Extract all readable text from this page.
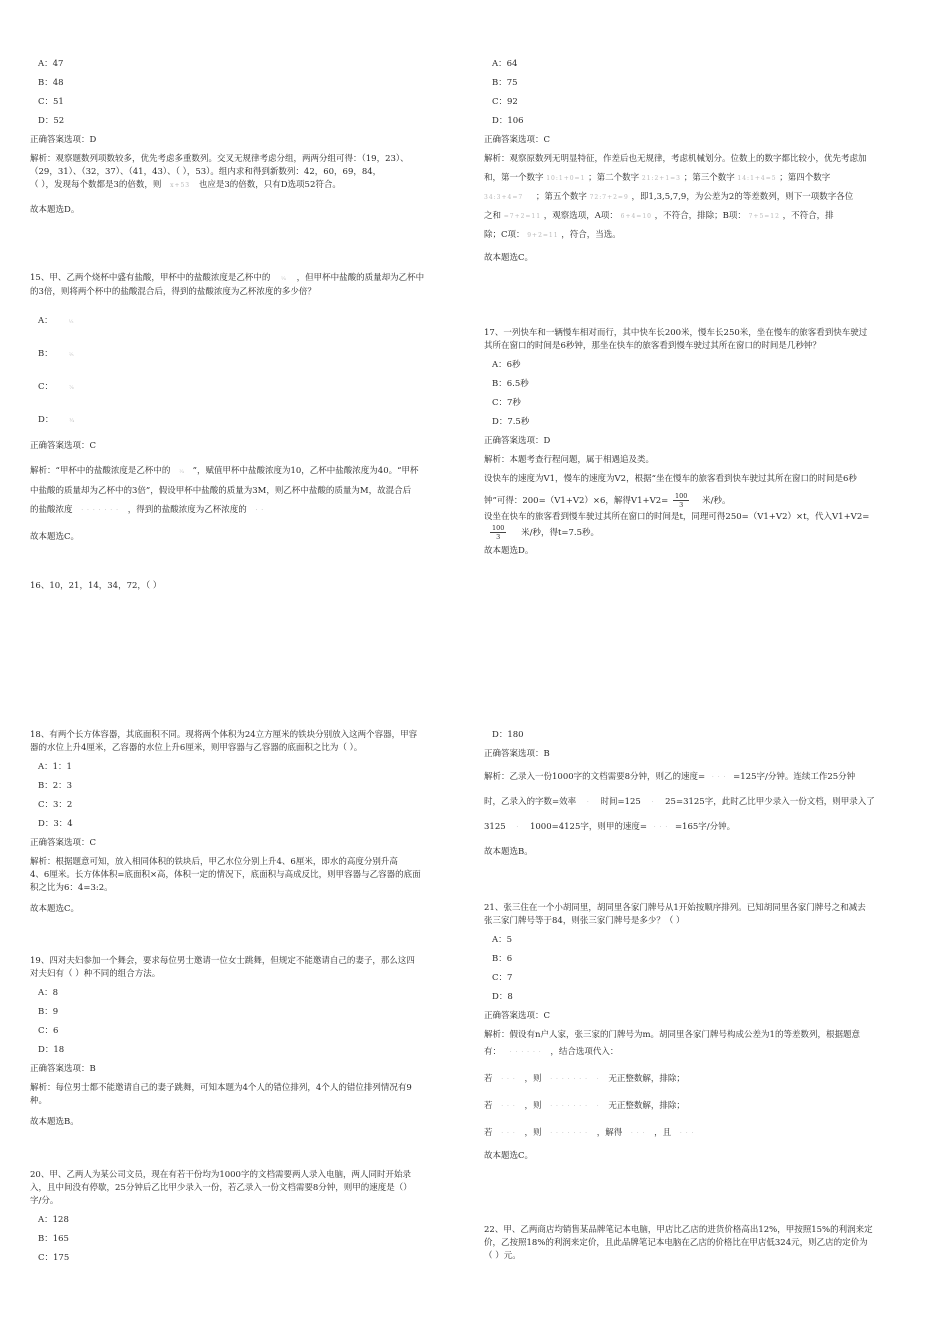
A：47
B：48
C：51
D：52
正确答案选项：D
解析：观察题数列项数较多，优先考虑多重数列。交叉无规律考虑分组，两两分组可得：（19，23）、
（29，31）、（32，37）、（41，43）、（ ），53）。组内求和得到新数列：42，60，69，84，
（ ），发现每个数都是3的倍数，则 x+53 也应是3的倍数，只有D选项52符合。
故本题选D。
15、甲、乙两个烧杯中盛有盐酸，甲杯中的盐酸浓度是乙杯中的 ¼ ，但甲杯中盐酸的质量却为乙杯中
的3倍，则将两个杯中的盐酸混合后，得到的盐酸浓度为乙杯浓度的多少倍？
A：	⅓
B：	⅖
C：	⅞
D：	¾
正确答案选项：C
解析：“甲杯中的盐酸浓度是乙杯中的 ¼ ”，赋值甲杯中盐酸浓度为10，乙杯中盐酸浓度为40。“甲杯
中盐酸的质量却为乙杯中的3倍”，假设甲杯中盐酸的质量为3M，则乙杯中盐酸的质量为M，故混合后
的盐酸浓度 · · · · · · · ，得到的盐酸浓度为乙杯浓度的 · ·
故本题选C。
16、10，21，14，34，72，（ ）
18、有两个长方体容器，其底面积不同。现将两个体积为24立方厘米的铁块分别放入这两个容器，甲容
器的水位上升4厘米，乙容器的水位上升6厘米，则甲容器与乙容器的底面积之比为（ ）。
A：1：1
B：2：3
C：3：2
D：3：4
正确答案选项：C
解析：根据题意可知，放入相同体积的铁块后，甲乙水位分别上升4、6厘米，即水的高度分别升高
4、6厘米。长方体体积=底面积×高，体积一定的情况下，底面积与高成反比，则甲容器与乙容器的底面
积之比为6：4=3:2。
故本题选C。
19、四对夫妇参加一个舞会，要求每位男士邀请一位女士跳舞，但规定不能邀请自己的妻子，那么这四
对夫妇有（ ）种不同的组合方法。
A：8
B：9
C：6
D：18
正确答案选项：B
解析：每位男士都不能邀请自己的妻子跳舞，可知本题为4个人的错位排列，4个人的错位排列情况有9
种。
故本题选B。
20、甲、乙两人为某公司文员，现在有若干份均为1000字的文档需要两人录入电脑，两人同时开始录
入，且中间没有停歇，25分钟后乙比甲少录入一份，若乙录入一份文档需要8分钟，则甲的速度是（）
字/分。
A：128
B：165
C：175
A：64
B：75
C：92
D：106
正确答案选项：C
解析：观察原数列无明显特征，作差后也无规律，考虑机械划分。位数上的数字都比较小，优先考虑加
和，第一个数字 10:1+0=1 ；第二个数字 21:2+1=3 ；第三个数字 14:1+4=5 ；第四个数字
34:3+4=7 ；第五个数字 72:7+2=9 ，即1,3,5,7,9，为公差为2的等差数列，则下一项数字各位
之和 =7+2=11 ，观察选项，A项： 6+4=10 ，不符合，排除；B项： 7+5=12 ，不符合，排
除；C项： 9+2=11 ，符合，当选。
故本题选C。
17、一列快车和一辆慢车相对而行，其中快车长200米，慢车长250米，坐在慢车的旅客看到快车驶过
其所在窗口的时间是6秒钟，那坐在快车的旅客看到慢车驶过其所在窗口的时间是几秒钟？
A：6秒
B：6.5秒
C：7秒
D：7.5秒
正确答案选项：D
解析：本题考查行程问题，属于相遇追及类。
设快车的速度为V1，慢车的速度为V2，根据“坐在慢车的旅客看到快车驶过其所在窗口的时间是6秒
钟”可得：200=（V1+V2）×6，解得$V1+V2= \frac{100}{3}$ 米/秒。
设坐在快车的旅客看到慢车驶过其所在窗口的时间是t，同理可得250=（V1+V2）×t，代入V1+V2=
$\frac{100}{3}$ 米/秒，得t=7.5秒。
故本题选D。
D：180
正确答案选项：B
解析：乙录入一份1000字的文档需要8分钟，则乙的速度= · · · =125字/分钟。连续工作25分钟
时，乙录入的字数=效率 · 时间=125 · 25=3125字，此时乙比甲少录入一份文档，则甲录入了
3125 · 1000=4125字，则甲的速度= · · · =165字/分钟。
故本题选B。
21、张三住在一个小胡同里，胡同里各家门牌号从1开始按顺序排列。已知胡同里各家门牌号之和减去
张三家门牌号等于84，则张三家门牌号是多少？（ ）
A：5
B：6
C：7
D：8
正确答案选项：C
解析：假设有n户人家，张三家的门牌号为m。胡同里各家门牌号构成公差为1的等差数列，根据题意
有： · · · · · · ，结合选项代入：
若 · · · ，则 · · · · · · · · 无正整数解，排除；
若 · · · ，则 · · · · · · · · 无正整数解，排除；
若 · · · ，则 · · · · · · · ，解得 · · · ，且 · · ·
故本题选C。
22、甲、乙两商店均销售某品牌笔记本电脑，甲店比乙店的进货价格高出12%，甲按照15%的利润来定
价，乙按照18%的利润来定价，且此品牌笔记本电脑在乙店的价格比在甲店低324元，则乙店的定价为
（ ）元。
